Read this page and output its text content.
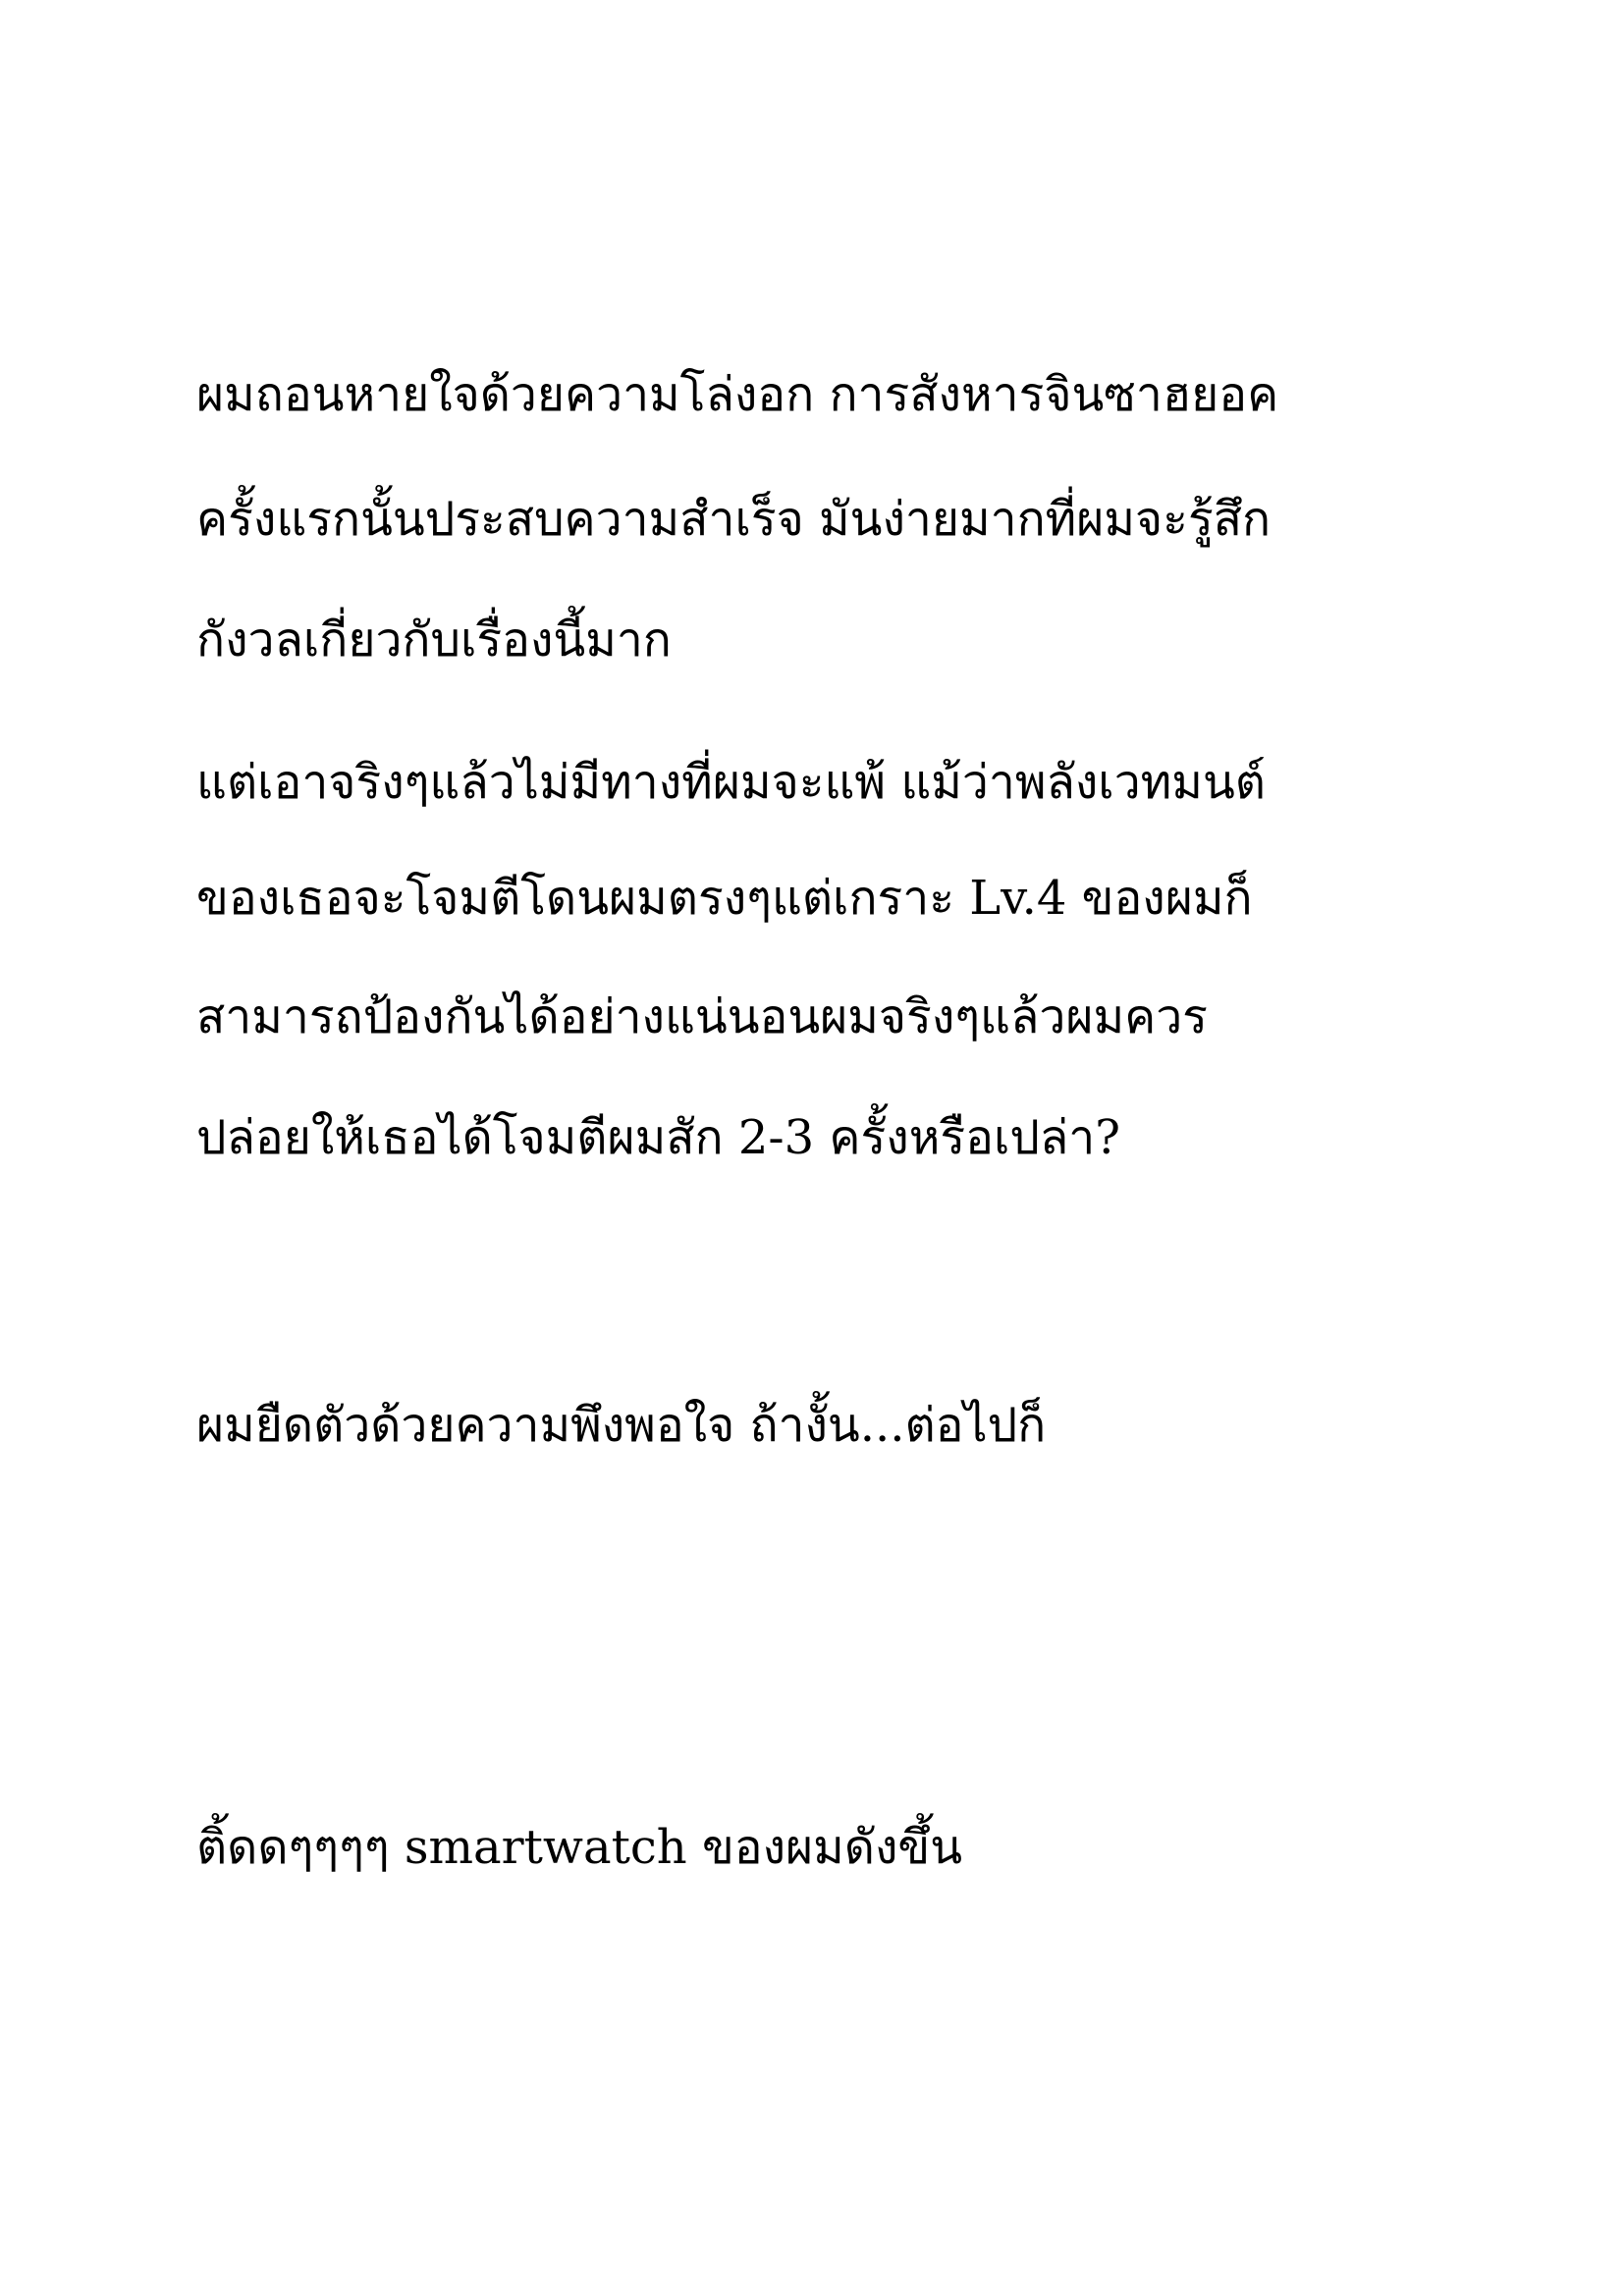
ผมถอนหายใจด้วยความโล่งอก การสังหารจินซาฮยอค

ครั้งแรกนั้นประสบความสำเร็จ มันง่ายมากที่ผมจะรู้สึก

กังวลเกี่ยวกับเรื่องนี้มาก

แต่เอาจริงๆแล้วไม่มีทางที่ผมจะแพ้ แม้ว่าพลังเวทมนต์

ของเธอจะโจมตีโดนผมตรงๆแต่เกราะ Lv.4 ของผมก็

สามารถป้องกันได้อย่างแน่นอนผมจริงๆแล้วผมควร

ปล่อยให้เธอได้โจมตีผมสัก 2-3 ครั้งหรือเปล่า?

ผมยืดตัวด้วยความพึงพอใจ ถ้างั้น...ต่อไปก็

ติ้ดดๆๆๆๆ smartwatch ของผมดังขึ้น
